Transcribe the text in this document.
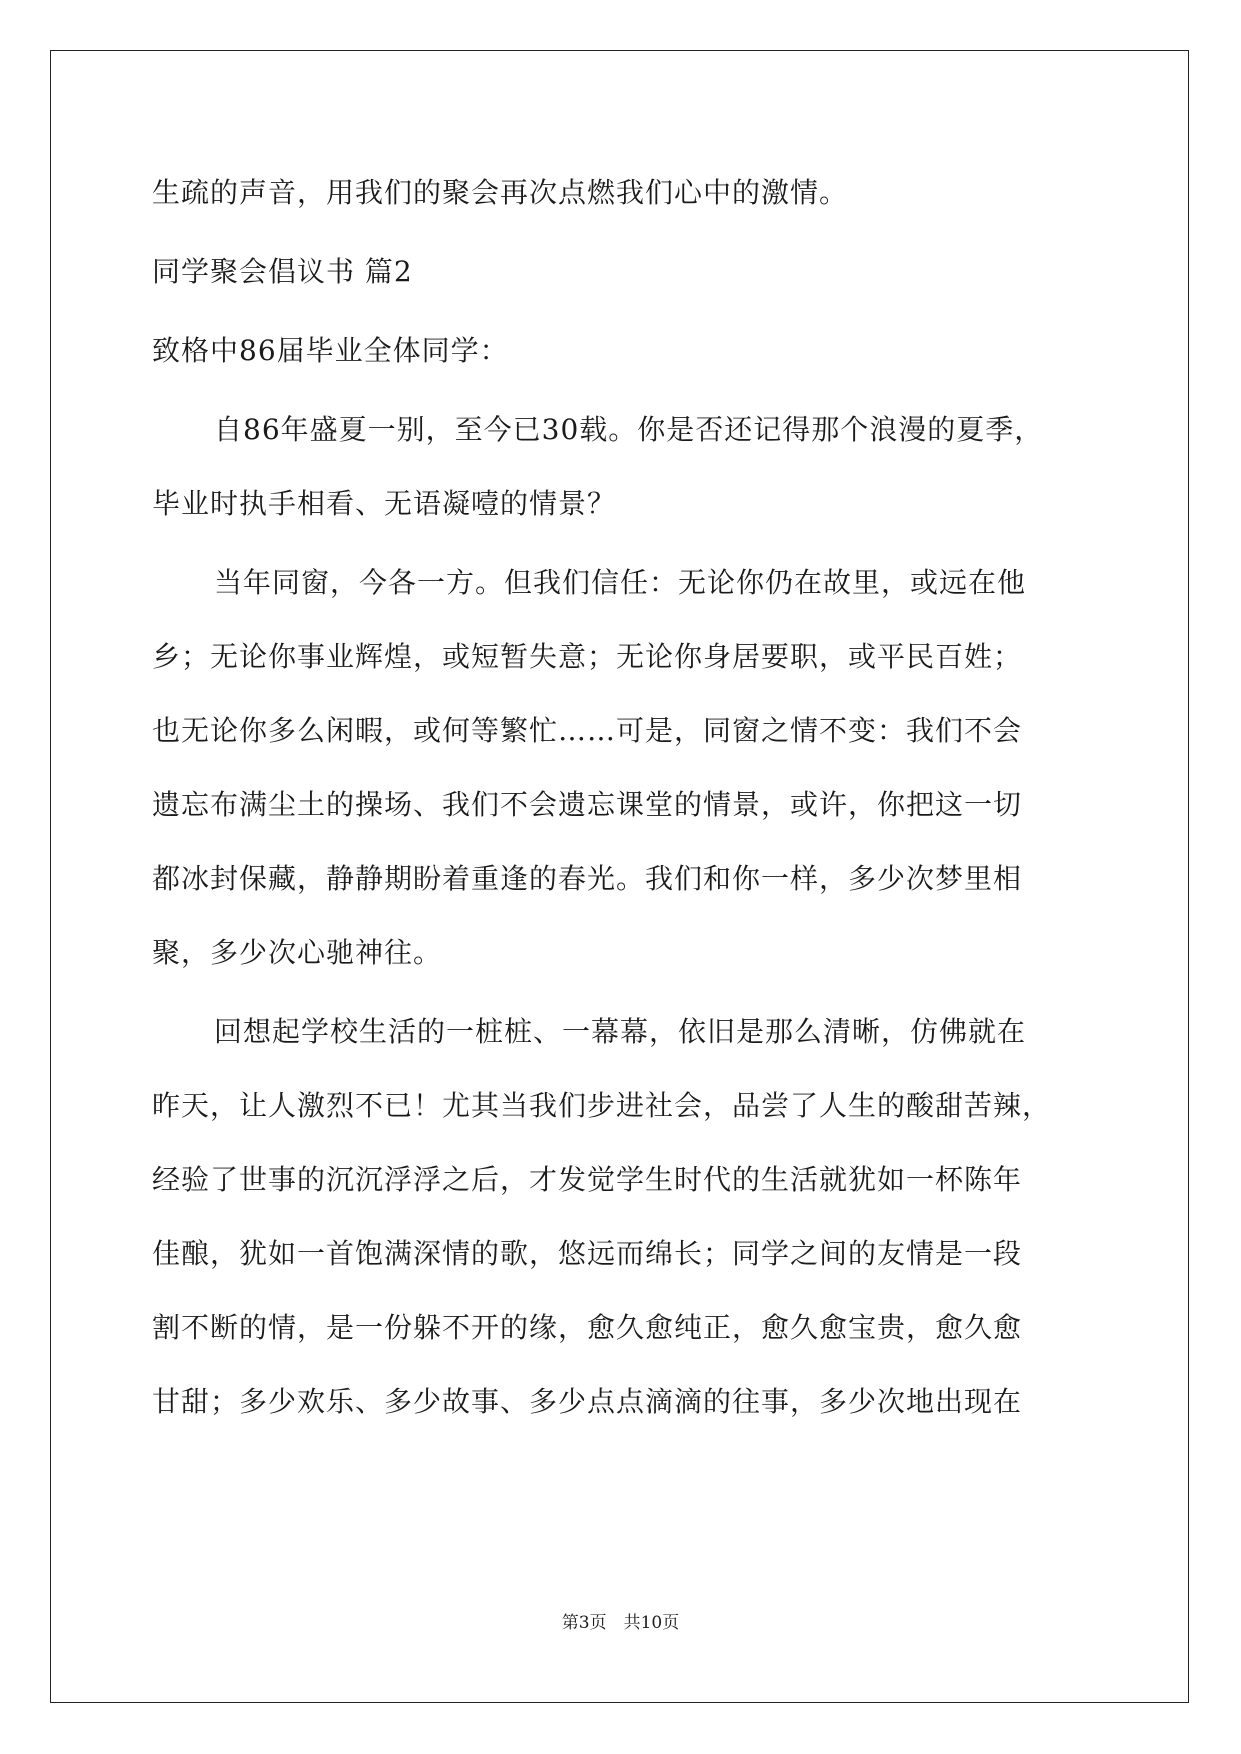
生疏的声音，用我们的聚会再次点燃我们心中的激情。
同学聚会倡议书 篇2
致格中86届毕业全体同学：
自86年盛夏一别，至今已30载。你是否还记得那个浪漫的夏季，
毕业时执手相看、无语凝噎的情景？
当年同窗，今各一方。但我们信任：无论你仍在故里，或远在他
乡；无论你事业辉煌，或短暂失意；无论你身居要职，或平民百姓；
也无论你多么闲暇，或何等繁忙……可是，同窗之情不变：我们不会
遗忘布满尘土的操场、我们不会遗忘课堂的情景，或许，你把这一切
都冰封保藏，静静期盼着重逢的春光。我们和你一样，多少次梦里相
聚，多少次心驰神往。
回想起学校生活的一桩桩、一幕幕，依旧是那么清晰，仿佛就在
昨天，让人激烈不已！尤其当我们步进社会，品尝了人生的酸甜苦辣，
经验了世事的沉沉浮浮之后，才发觉学生时代的生活就犹如一杯陈年
佳酿，犹如一首饱满深情的歌，悠远而绵长；同学之间的友情是一段
割不断的情，是一份躲不开的缘，愈久愈纯正，愈久愈宝贵，愈久愈
甘甜；多少欢乐、多少故事、多少点点滴滴的往事，多少次地出现在
第3页　共10页
